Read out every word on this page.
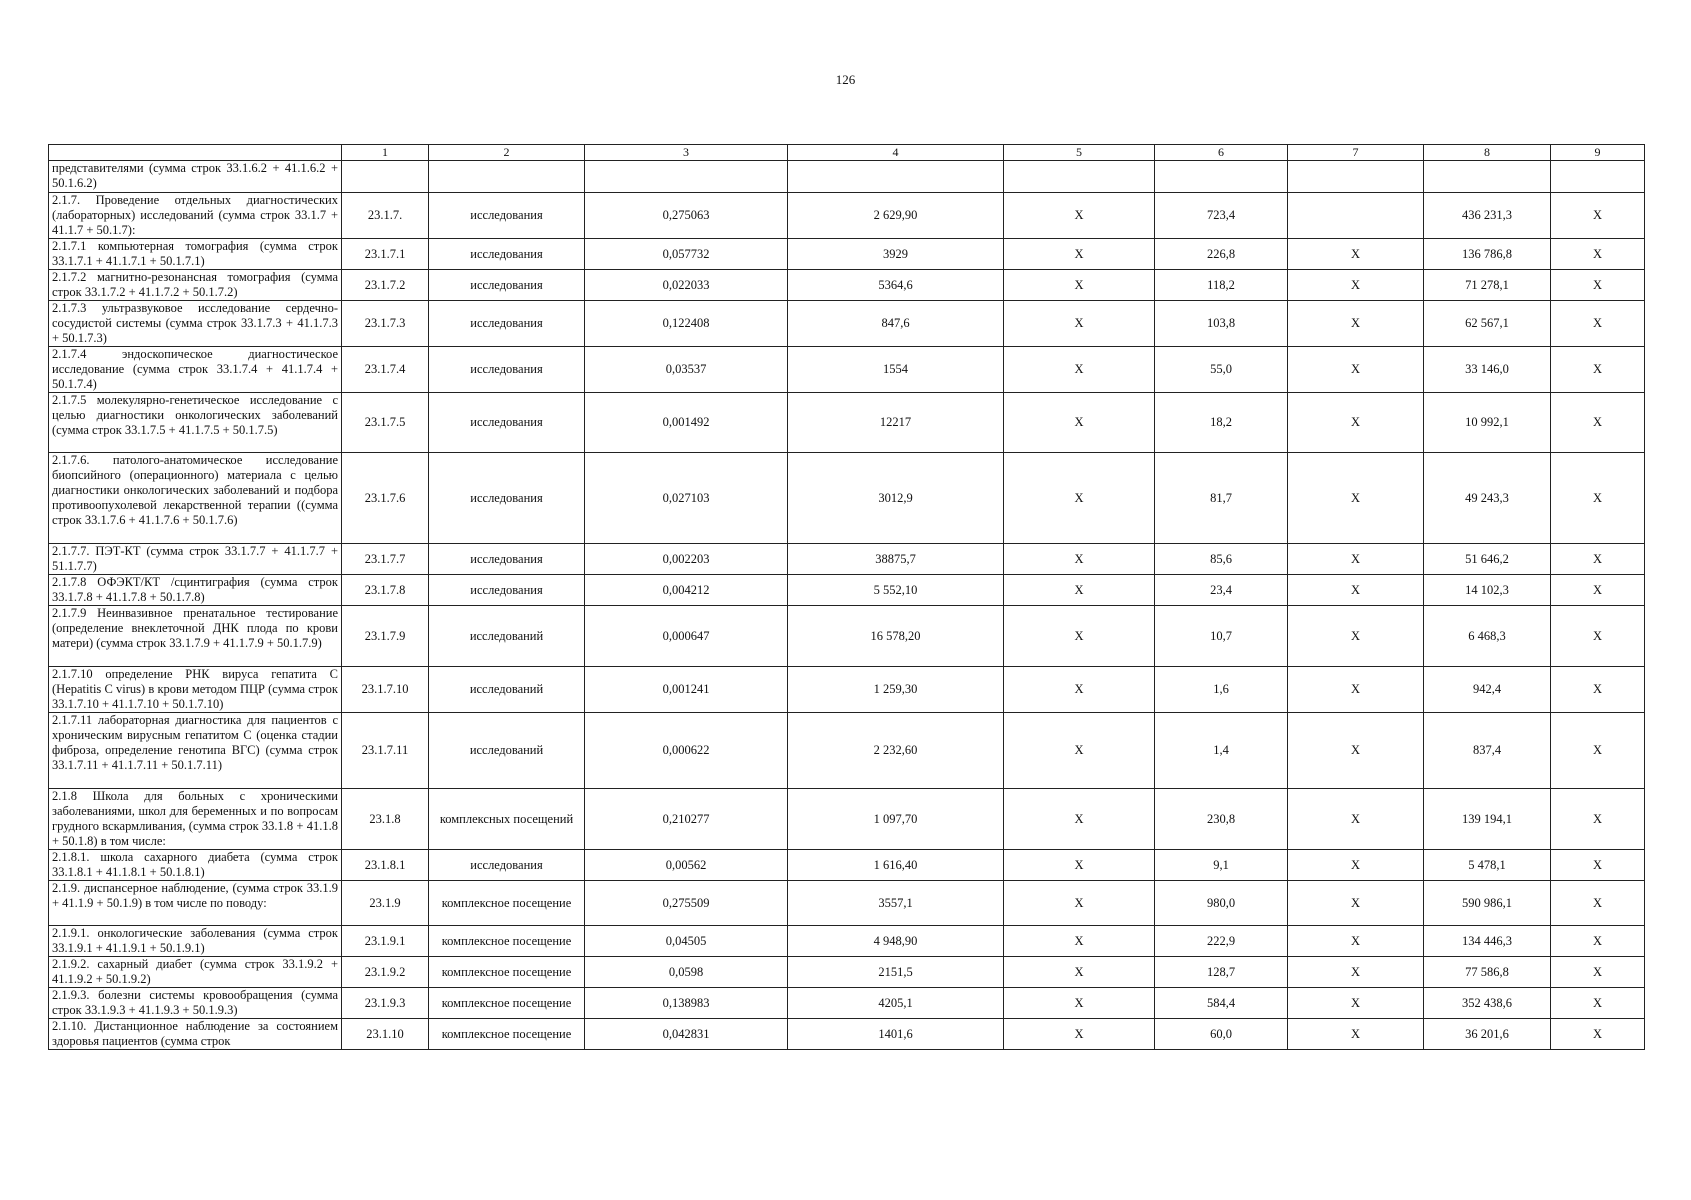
126
	1	2	3	4	5	6	7	8	9
представителями (сумма строк 33.1.6.2 + 41.1.6.2 + 50.1.6.2)									
2.1.7. Проведение отдельных диагностических (лабораторных) исследований (сумма строк 33.1.7 + 41.1.7 + 50.1.7):	23.1.7.	исследования	0,275063	2 629,90	X	723,4		436 231,3	X
2.1.7.1 компьютерная томография (сумма строк 33.1.7.1 + 41.1.7.1 + 50.1.7.1)	23.1.7.1	исследования	0,057732	3929	X	226,8	X	136 786,8	X
2.1.7.2 магнитно-резонансная томография (сумма строк 33.1.7.2 + 41.1.7.2 + 50.1.7.2)	23.1.7.2	исследования	0,022033	5364,6	X	118,2	X	71 278,1	X
2.1.7.3 ультразвуковое исследование сердечно-сосудистой системы (сумма строк 33.1.7.3 + 41.1.7.3 + 50.1.7.3)	23.1.7.3	исследования	0,122408	847,6	X	103,8	X	62 567,1	X
2.1.7.4 эндоскопическое диагностическое исследование (сумма строк 33.1.7.4 + 41.1.7.4 + 50.1.7.4)	23.1.7.4	исследования	0,03537	1554	X	55,0	X	33 146,0	X
2.1.7.5 молекулярно-генетическое исследование с целью диагностики онкологических заболеваний (сумма строк 33.1.7.5 + 41.1.7.5 + 50.1.7.5)	23.1.7.5	исследования	0,001492	12217	X	18,2	X	10 992,1	X
2.1.7.6. патолого-анатомическое исследование биопсийного (операционного) материала с целью диагностики онкологических заболеваний и подбора противоопухолевой лекарственной терапии ((сумма строк 33.1.7.6 + 41.1.7.6 + 50.1.7.6)	23.1.7.6	исследования	0,027103	3012,9	X	81,7	X	49 243,3	X
2.1.7.7. ПЭТ-КТ (сумма строк 33.1.7.7 + 41.1.7.7 + 51.1.7.7)	23.1.7.7	исследования	0,002203	38875,7	X	85,6	X	51 646,2	X
2.1.7.8 ОФЭКТ/КТ /сцинтиграфия (сумма строк 33.1.7.8 + 41.1.7.8 + 50.1.7.8)	23.1.7.8	исследования	0,004212	5 552,10	X	23,4	X	14 102,3	X
2.1.7.9 Неинвазивное пренатальное тестирование (определение внеклеточной ДНК плода по крови матери) (сумма строк 33.1.7.9 + 41.1.7.9 + 50.1.7.9)	23.1.7.9	исследований	0,000647	16 578,20	X	10,7	X	6 468,3	X
2.1.7.10 определение РНК вируса гепатита С (Hepatitis C virus) в крови методом ПЦР (сумма строк 33.1.7.10 + 41.1.7.10 + 50.1.7.10)	23.1.7.10	исследований	0,001241	1 259,30	X	1,6	X	942,4	X
2.1.7.11 лабораторная диагностика для пациентов с хроническим вирусным гепатитом С (оценка стадии фиброза, определение генотипа ВГС) (сумма строк 33.1.7.11 + 41.1.7.11 + 50.1.7.11)	23.1.7.11	исследований	0,000622	2 232,60	X	1,4	X	837,4	X
2.1.8 Школа для больных с хроническими заболеваниями, школ для беременных и по вопросам грудного вскармливания, (сумма строк 33.1.8 + 41.1.8 + 50.1.8) в том числе:	23.1.8	комплексных посещений	0,210277	1 097,70	X	230,8	X	139 194,1	X
2.1.8.1. школа сахарного диабета (сумма строк 33.1.8.1 + 41.1.8.1 + 50.1.8.1)	23.1.8.1	исследования	0,00562	1 616,40	X	9,1	X	5 478,1	X
2.1.9. диспансерное наблюдение, (сумма строк 33.1.9 + 41.1.9 + 50.1.9) в том числе по поводу:	23.1.9	комплексное посещение	0,275509	3557,1	X	980,0	X	590 986,1	X
2.1.9.1. онкологические заболевания (сумма строк 33.1.9.1 + 41.1.9.1 + 50.1.9.1)	23.1.9.1	комплексное посещение	0,04505	4 948,90	X	222,9	X	134 446,3	X
2.1.9.2. сахарный диабет (сумма строк 33.1.9.2 + 41.1.9.2 + 50.1.9.2)	23.1.9.2	комплексное посещение	0,0598	2151,5	X	128,7	X	77 586,8	X
2.1.9.3. болезни системы кровообращения (сумма строк 33.1.9.3 + 41.1.9.3 + 50.1.9.3)	23.1.9.3	комплексное посещение	0,138983	4205,1	X	584,4	X	352 438,6	X
2.1.10. Дистанционное наблюдение за состоянием здоровья пациентов (сумма строк	23.1.10	комплексное посещение	0,042831	1401,6	X	60,0	X	36 201,6	X
